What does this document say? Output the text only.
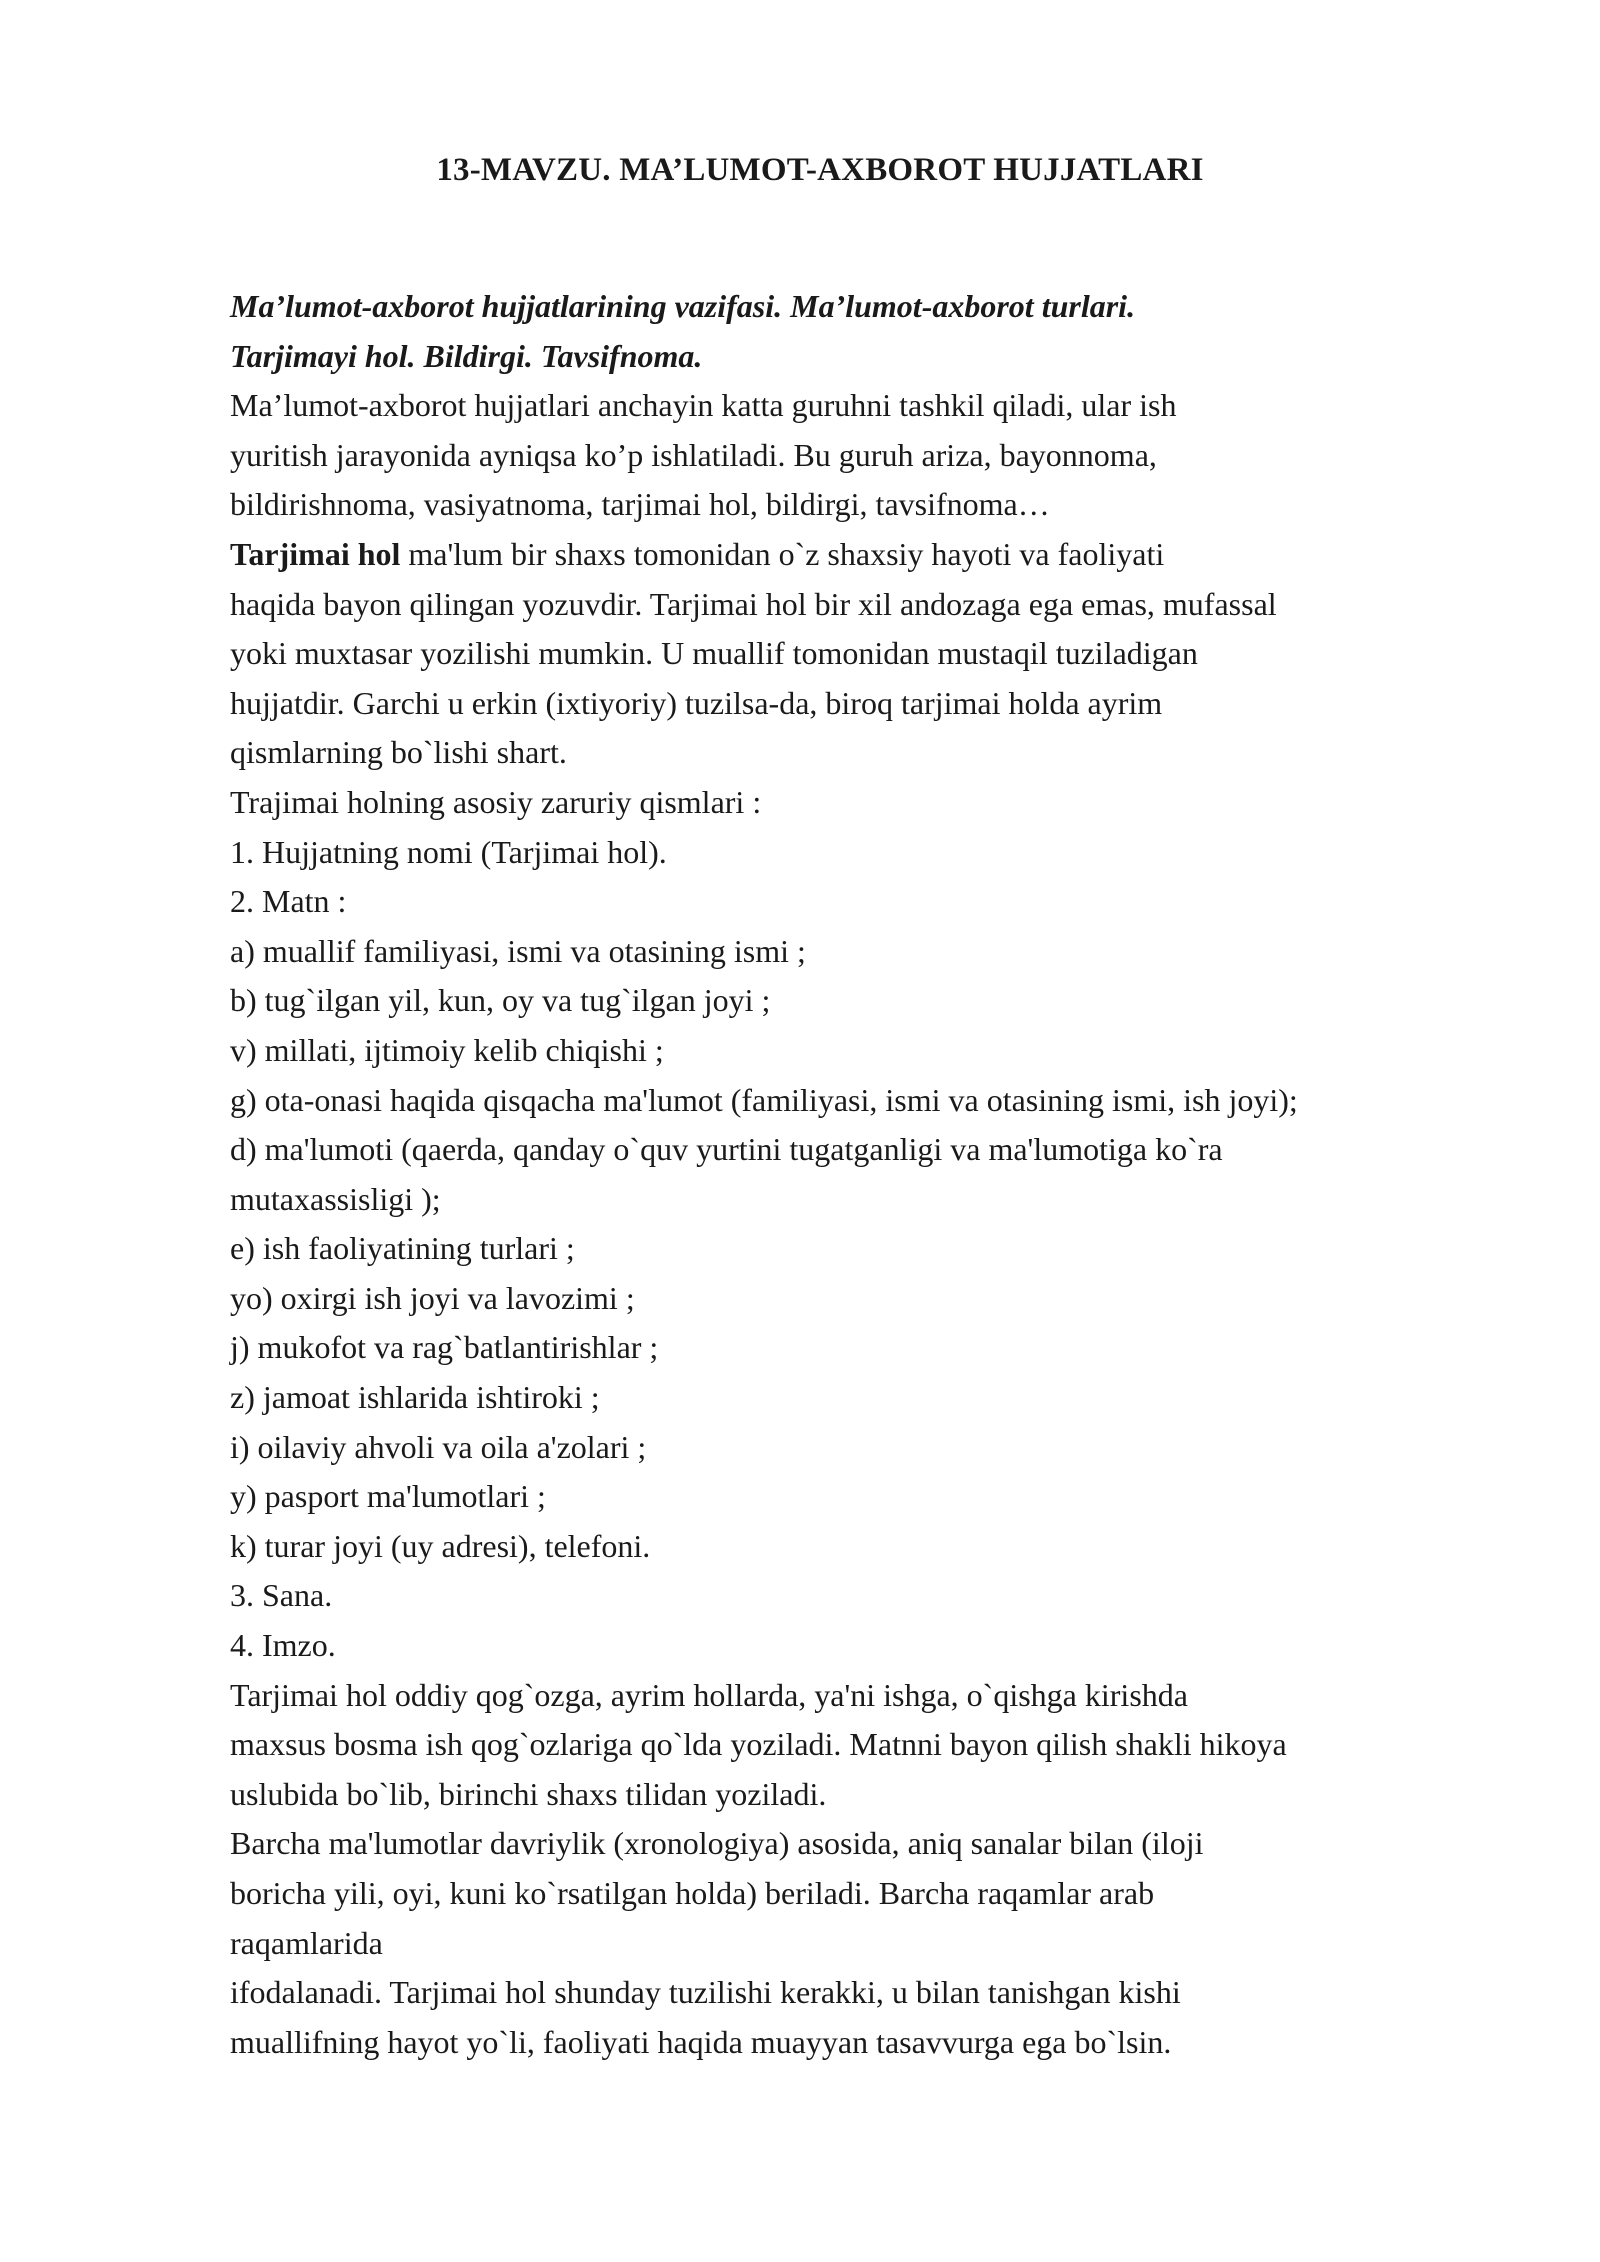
13-MAVZU. MA’LUMOT-AXBOROT HUJJATLARI
Ma’lumot-axborot hujjatlarining vazifasi. Ma’lumot-axborot turlari.
Tarjimayi hol. Bildirgi. Tavsifnoma.
Ma’lumot-axborot hujjatlari anchayin katta guruhni tashkil qiladi, ular ish
yuritish jarayonida ayniqsa ko’p ishlatiladi. Bu guruh ariza, bayonnoma,
bildirishnoma, vasiyatnoma, tarjimai hol, bildirgi, tavsifnoma…
Tarjimai hol ma'lum bir shaxs tomonidan o`z shaxsiy hayoti va faoliyati
haqida bayon qilingan yozuvdir. Tarjimai hol bir xil andozaga ega emas, mufassal
yoki muxtasar yozilishi mumkin. U muallif tomonidan mustaqil tuziladigan
hujjatdir. Garchi u erkin (ixtiyoriy) tuzilsa-da, biroq tarjimai holda ayrim
qismlarning bo`lishi shart.
Trajimai holning asosiy zaruriy qismlari :
1. Hujjatning nomi (Tarjimai hol).
2. Matn :
a) muallif familiyasi, ismi va otasining ismi ;
b) tug`ilgan yil, kun, oy va tug`ilgan joyi ;
v) millati, ijtimoiy kelib chiqishi ;
g) ota-onasi haqida qisqacha ma'lumot (familiyasi, ismi va otasining ismi, ish joyi);
d) ma'lumoti (qaerda, qanday o`quv yurtini tugatganligi va ma'lumotiga ko`ra
mutaxassisligi );
e) ish faoliyatining turlari ;
yo) oxirgi ish joyi va lavozimi ;
j) mukofot va rag`batlantirishlar ;
z) jamoat ishlarida ishtiroki ;
i) oilaviy ahvoli va oila a'zolari ;
y) pasport ma'lumotlari ;
k) turar joyi (uy adresi), telefoni.
3. Sana.
4. Imzo.
Tarjimai hol oddiy qog`ozga, ayrim hollarda, ya'ni ishga, o`qishga kirishda
maxsus bosma ish qog`ozlariga qo`lda yoziladi. Matnni bayon qilish shakli hikoya
uslubida bo`lib, birinchi shaxs tilidan yoziladi.
Barcha ma'lumotlar davriylik (xronologiya) asosida, aniq sanalar bilan (iloji
boricha yili, oyi, kuni ko`rsatilgan holda) beriladi. Barcha raqamlar arab
raqamlarida
ifodalanadi. Tarjimai hol shunday tuzilishi kerakki, u bilan tanishgan kishi
muallifning hayot yo`li, faoliyati haqida muayyan tasavvurga ega bo`lsin.
